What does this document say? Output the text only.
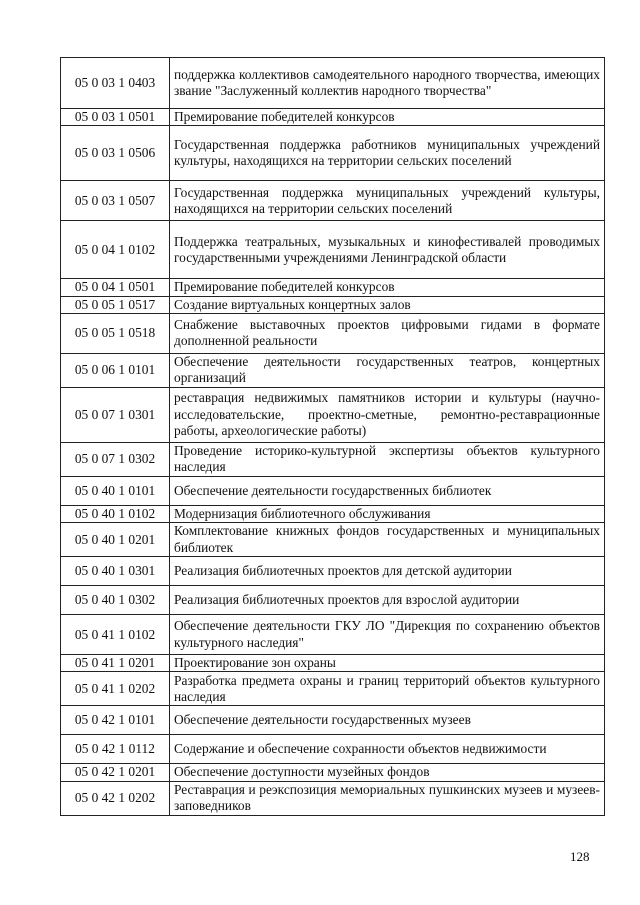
05 0 03 1 0403	поддержка коллективов самодеятельного народного творчества, имеющих звание "Заслуженный коллектив народного творчества"
05 0 03 1 0501	Премирование победителей конкурсов
05 0 03 1 0506	Государственная поддержка работников муниципальных учреждений культуры, находящихся на территории сельских поселений
05 0 03 1 0507	Государственная поддержка муниципальных учреждений культуры, находящихся на территории сельских поселений
05 0 04 1 0102	Поддержка театральных, музыкальных и кинофестивалей проводимых государственными учреждениями Ленинградской области
05 0 04 1 0501	Премирование победителей конкурсов
05 0 05 1 0517	Создание виртуальных концертных залов
05 0 05 1 0518	Снабжение выставочных проектов цифровыми гидами в формате дополненной реальности
05 0 06 1 0101	Обеспечение деятельности государственных театров, концертных организаций
05 0 07 1 0301	реставрация недвижимых памятников истории и культуры (научно-исследовательские, проектно-сметные, ремонтно-реставрационные работы, археологические работы)
05 0 07 1 0302	Проведение историко-культурной экспертизы объектов культурного наследия
05 0 40 1 0101	Обеспечение деятельности государственных библиотек
05 0 40 1 0102	Модернизация библиотечного обслуживания
05 0 40 1 0201	Комплектование книжных фондов государственных и муниципальных библиотек
05 0 40 1 0301	Реализация библиотечных проектов для детской аудитории
05 0 40 1 0302	Реализация библиотечных проектов для взрослой аудитории
05 0 41 1 0102	Обеспечение деятельности ГКУ ЛО "Дирекция по сохранению объектов культурного наследия"
05 0 41 1 0201	Проектирование зон охраны
05 0 41 1 0202	Разработка предмета охраны и границ территорий объектов культурного наследия
05 0 42 1 0101	Обеспечение деятельности государственных музеев
05 0 42 1 0112	Содержание и обеспечение сохранности объектов недвижимости
05 0 42 1 0201	Обеспечение доступности музейных фондов
05 0 42 1 0202	Реставрация и реэкспозиция мемориальных пушкинских музеев и музеев-заповедников
128
